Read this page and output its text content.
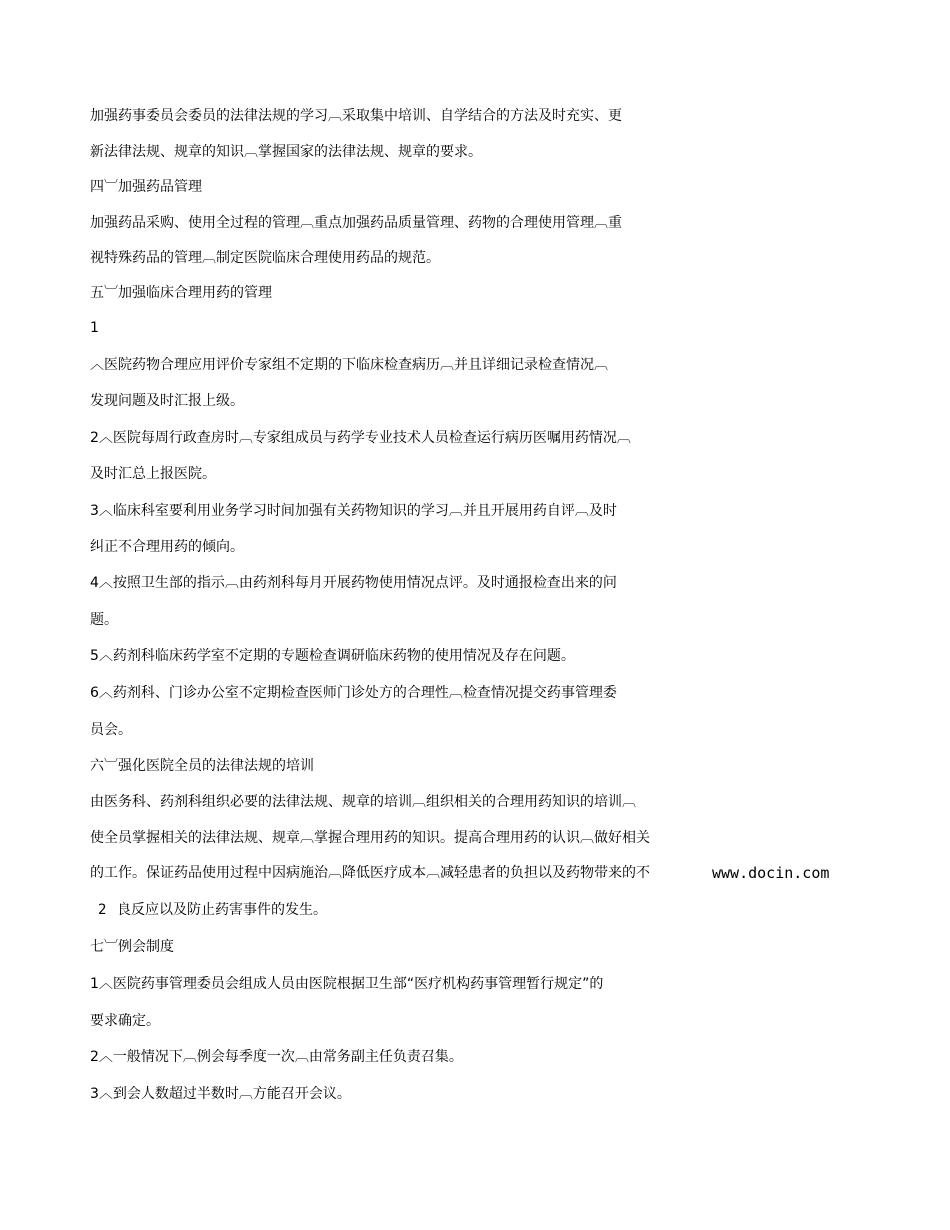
加强药事委员会委员的法律法规的学习︹采取集中培训、自学结合的方法及时充实、更
新法律法规、规章的知识︹掌握国家的法律法规、规章的要求。
四︺加强药品管理
加强药品采购、使用全过程的管理︹重点加强药品质量管理、药物的合理使用管理︹重
视特殊药品的管理︹制定医院临床合理使用药品的规范。
五︺加强临床合理用药的管理
1
︿医院药物合理应用评价专家组不定期的下临床检查病历︹并且详细记录检查情况︹
发现问题及时汇报上级。
2︿医院每周行政查房时︹专家组成员与药学专业技术人员检查运行病历医嘱用药情况︹
及时汇总上报医院。
3︿临床科室要利用业务学习时间加强有关药物知识的学习︹并且开展用药自评︹及时
纠正不合理用药的倾向。
4︿按照卫生部的指示︹由药剂科每月开展药物使用情况点评。及时通报检查出来的问
题。
5︿药剂科临床药学室不定期的专题检查调研临床药物的使用情况及存在问题。
6︿药剂科、门诊办公室不定期检查医师门诊处方的合理性︹检查情况提交药事管理委
员会。
六︺强化医院全员的法律法规的培训
由医务科、药剂科组织必要的法律法规、规章的培训︹组织相关的合理用药知识的培训︹
使全员掌握相关的法律法规、规章︹掌握合理用药的知识。提高合理用药的认识︹做好相关
的工作。保证药品使用过程中因病施治︹降低医疗成本︹减轻患者的负担以及药物带来的不	www.docin.com
2 良反应以及防止药害事件的发生。
七︺例会制度
1︿医院药事管理委员会组成人员由医院根据卫生部“医疗机构药事管理暂行规定”的
要求确定。
2︿一般情况下︹例会每季度一次︹由常务副主任负责召集。
3︿到会人数超过半数时︹方能召开会议。
